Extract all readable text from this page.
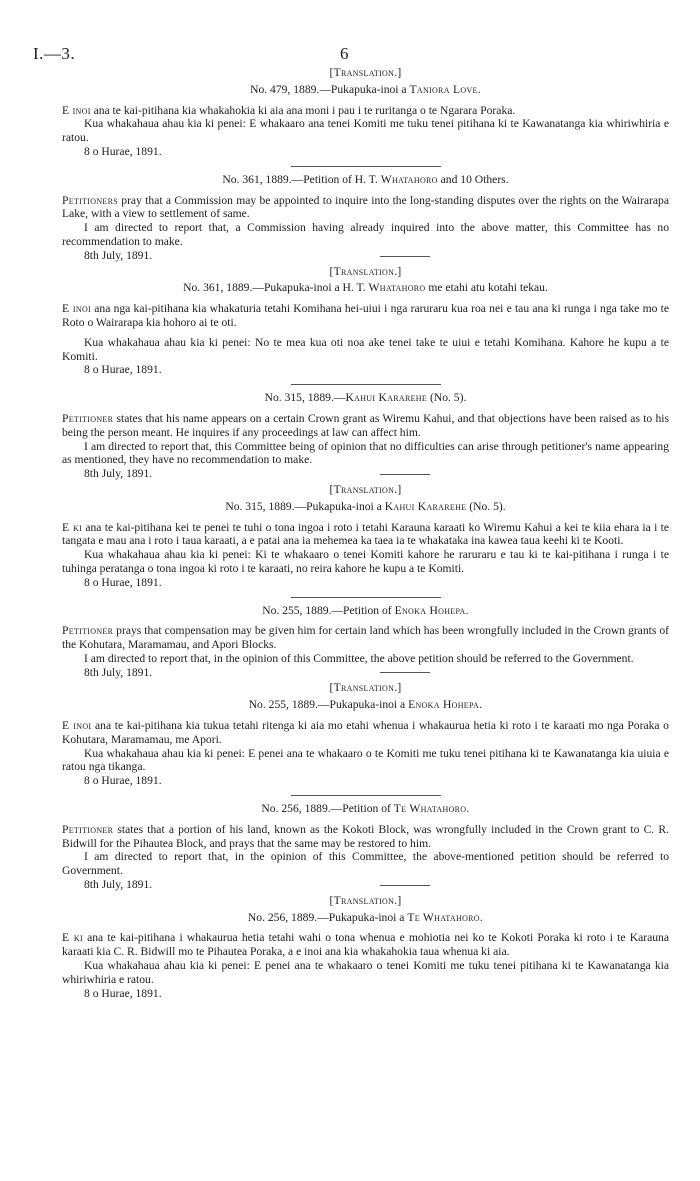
I.—3.	6

[Translation.]

No. 479, 1889.—Pukapuka-inoi a Taniora Love.

E inoi ana te kai-pitihana kia whakahokia ki aia ana moni i pau i te ruritanga o te Ngarara Poraka.

Kua whakahaua ahau kia ki penei: E whakaaro ana tenei Komiti me tuku tenei pitihana ki te Kawanatanga kia whiriwhiria e ratou.

8 o Hurae, 1891.

No. 361, 1889.—Petition of H. T. Whatahoro and 10 Others.

Petitioners pray that a Commission may be appointed to inquire into the long-standing disputes over the rights on the Wairarapa Lake, with a view to settlement of same.

I am directed to report that, a Commission having already inquired into the above matter, this Committee has no recommendation to make.

8th July, 1891.

[Translation.]

No. 361, 1889.—Pukapuka-inoi a H. T. Whatahoro me etahi atu kotahi tekau.

E inoi ana nga kai-pitihana kia whakaturia tetahi Komihana hei-uiui i nga raruraru kua roa nei e tau ana ki runga i nga take mo te Roto o Wairarapa kia hohoro ai te oti.

Kua whakahaua ahau kia ki penei: No te mea kua oti noa ake tenei take te uiui e tetahi Komihana. Kahore he kupu a te Komiti.

8 o Hurae, 1891.

No. 315, 1889.—Kahui Kararehe (No. 5).

Petitioner states that his name appears on a certain Crown grant as Wiremu Kahui, and that objections have been raised as to his being the person meant. He inquires if any proceedings at law can affect him.

I am directed to report that, this Committee being of opinion that no difficulties can arise through petitioner's name appearing as mentioned, they have no recommendation to make.

8th July, 1891.

[Translation.]

No. 315, 1889.—Pukapuka-inoi a Kahui Kararehe (No. 5).

E ki ana te kai-pitihana kei te penei te tuhi o tona ingoa i roto i tetahi Karauna karaati ko Wiremu Kahui a kei te kiia ehara ia i te tangata e mau ana i roto i taua karaati, a e patai ana ia mehemea ka taea ia te whakataka ina kawea taua keehi ki te Kooti.

Kua whakahaua ahau kia ki penei: Ki te whakaaro o tenei Komiti kahore he raruraru e tau ki te kai-pitihana i runga i te tuhinga peratanga o tona ingoa ki roto i te karaati, no reira kahore he kupu a te Komiti.

8 o Hurae, 1891.

No. 255, 1889.—Petition of Enoka Hohepa.

Petitioner prays that compensation may be given him for certain land which has been wrongfully included in the Crown grants of the Kohutara, Maramamau, and Apori Blocks.

I am directed to report that, in the opinion of this Committee, the above petition should be referred to the Government.

8th July, 1891.

[Translation.]

No. 255, 1889.—Pukapuka-inoi a Enoka Hohepa.

E inoi ana te kai-pitihana kia tukua tetahi ritenga ki aia mo etahi whenua i whakaurua hetia ki roto i te karaati mo nga Poraka o Kohutara, Maramamau, me Apori.

Kua whakahaua ahau kia ki penei: E penei ana te whakaaro o te Komiti me tuku tenei pitihana ki te Kawanatanga kia uiuia e ratou nga tikanga.

8 o Hurae, 1891.

No. 256, 1889.—Petition of Te Whatahoro.

Petitioner states that a portion of his land, known as the Kokoti Block, was wrongfully included in the Crown grant to C. R. Bidwill for the Pihautea Block, and prays that the same may be restored to him.

I am directed to report that, in the opinion of this Committee, the above-mentioned petition should be referred to Government.

8th July, 1891.

[Translation.]

No. 256, 1889.—Pukapuka-inoi a Te Whatahoro.

E ki ana te kai-pitihana i whakaurua hetia tetahi wahi o tona whenua e mohiotia nei ko te Kokoti Poraka ki roto i te Karauna karaati kia C. R. Bidwill mo te Pihautea Poraka, a e inoi ana kia whakahokia taua whenua ki aia.

Kua whakahaua ahau kia ki penei: E penei ana te whakaaro o tenei Komiti me tuku tenei pitihana ki te Kawanatanga kia whiriwhiria e ratou.

8 o Hurae, 1891.
